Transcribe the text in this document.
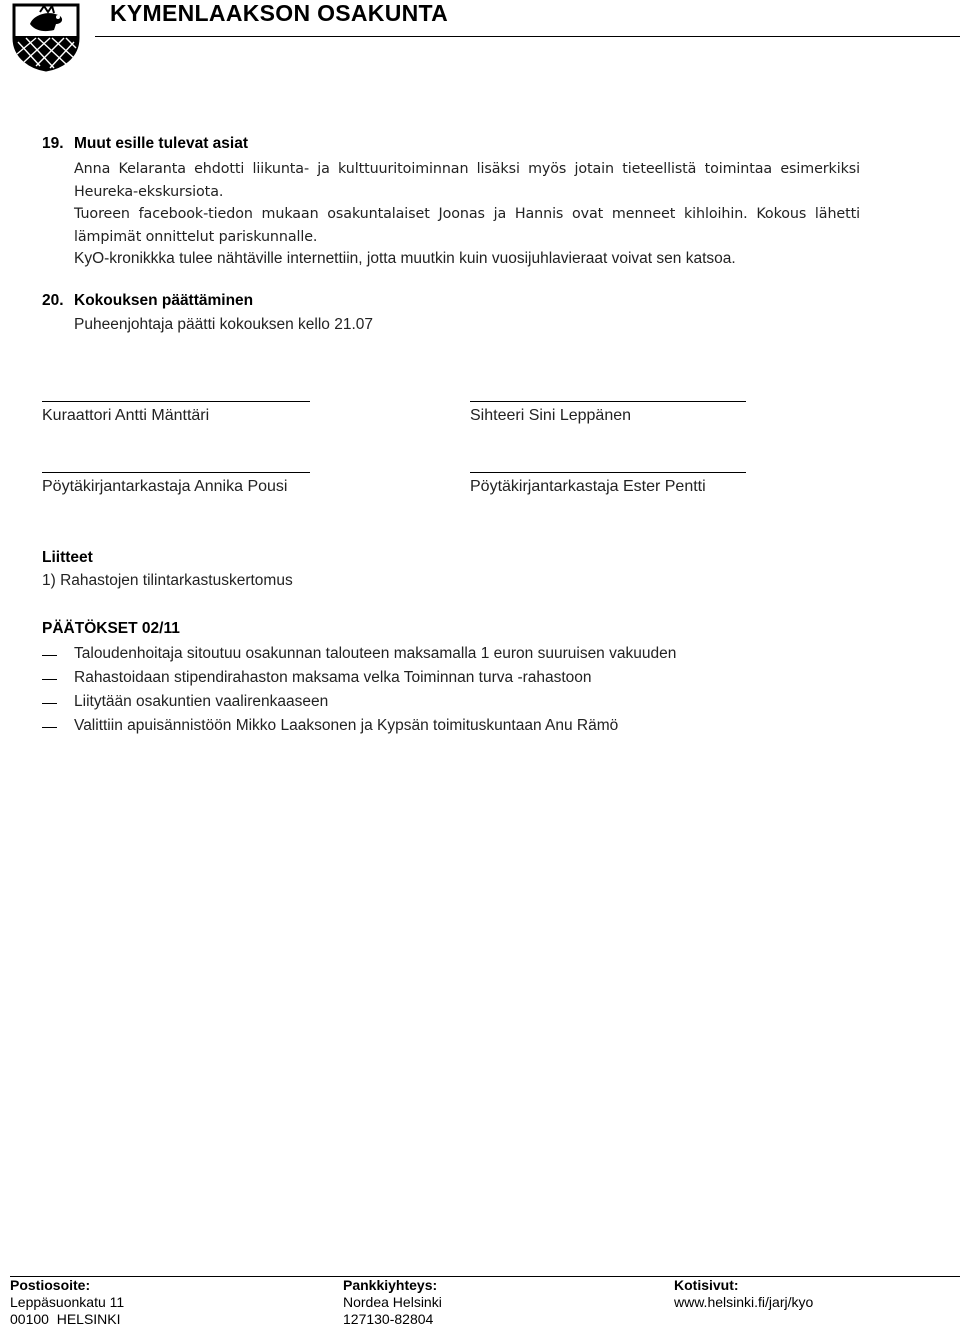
KYMENLAAKSON OSAKUNTA
19. Muut esille tulevat asiat
Anna Kelaranta ehdotti liikunta- ja kulttuuritoiminnan lisäksi myös jotain tieteellistä toimintaa esimerkiksi Heureka-ekskursiota.
Tuoreen facebook-tiedon mukaan osakuntalaiset Joonas ja Hannis ovat menneet kihloihin. Kokous lähetti lämpimät onnittelut pariskunnalle.
KyO-kronikkka tulee nähtäville internettiin, jotta muutkin kuin vuosijuhlavieraat voivat sen katsoa.
20. Kokouksen päättäminen
Puheenjohtaja päätti kokouksen kello 21.07
Kuraattori Antti Mänttäri	Sihteeri Sini Leppänen
Pöytäkirjantarkastaja Annika Pousi	Pöytäkirjantarkastaja Ester Pentti
Liitteet
1) Rahastojen tilintarkastuskertomus
PÄÄTÖKSET 02/11
Taloudenhoitaja sitoutuu osakunnan talouteen maksamalla 1 euron suuruisen vakuuden
Rahastoidaan stipendirahaston maksama velka Toiminnan turva -rahastoon
Liitytään osakuntien vaalirenkaaseen
Valittiin apuisännistöön Mikko Laaksonen ja Kypsän toimituskuntaan Anu Rämö
Postiosoite:
Leppäsuonkatu 11
00100  HELSINKI
Pankkiyhteys:
Nordea Helsinki
127130-82804
Kotisivut:
www.helsinki.fi/jarj/kyo
